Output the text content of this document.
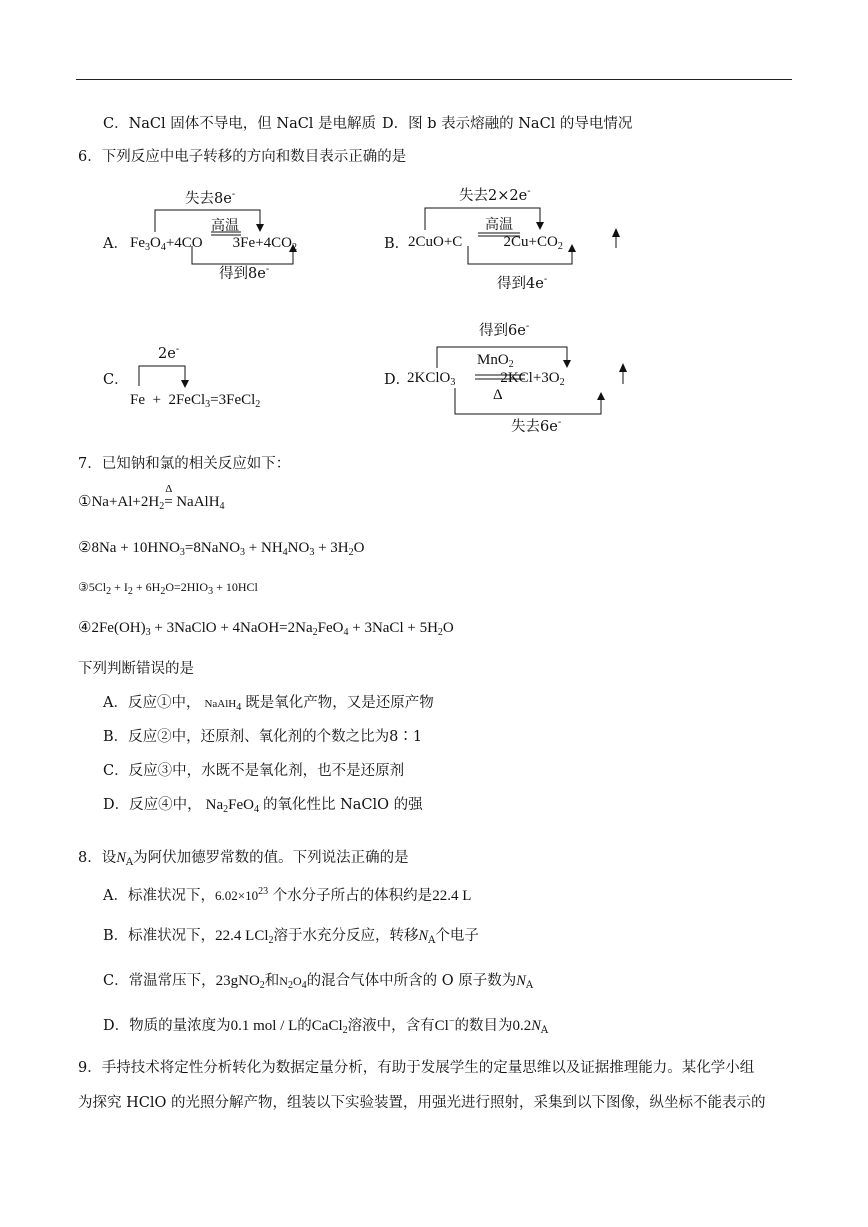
C．NaCl 固体不导电，但 NaCl 是电解质 D．图 b 表示熔融的 NaCl 的导电情况
6．下列反应中电子转移的方向和数目表示正确的是
A．
失去8e-
高温
$Fe_3O_4+4CO$        $3Fe+4CO_2$
得到8e-
B．
失去2×2e-
高温
2CuO+C           $2Cu+CO_2$
得到4e-
C．
2e-
Fe  +  2FeCl$_3$=3FeCl$_2$
D．
得到6e-
MnO$_2$
2KClO$_3$            $2KCl+3O_2$
Δ
失去6e-
7．已知钠和氯的相关反应如下：
$①Na+Al+2H_2$
Δ
= NaAlH$_4$
②8Na + $10HNO_3=8NaNO_3 + NH_4NO_3 + 3H_2O$
$③5Cl_2 + I_2 + 6H_2O=2HIO_3 + 10HCl$
$④2Fe(OH)_3$ + 3NaClO + $4NaOH=2Na_2FeO_4$ + 3NaCl + $5H_2O$
下列判断错误的是
A．反应①中， NaAlH$_4$ 既是氧化产物，又是还原产物
B．反应②中，还原剂、氧化剂的个数之比为8∶1
C．反应③中，水既不是氧化剂，也不是还原剂
D．反应④中， $Na_2FeO_4$ 的氧化性比 NaClO 的强
8．设$N_A$为阿伏加德罗常数的值。下列说法正确的是
A．标准状况下，$6.02\times 10^{23}$ 个水分子所占的体积约是22.4 L
B．标准状况下，22.4 LCl$_2$溶于水充分反应，转移$N_A$个电子
C．常温常压下，23gNO$_2$和$N_2O_4$的混合气体中所含的 O 原子数为$N_A$
D．物质的量浓度为0.1 mol / L的CaCl$_2$溶液中，含有Cl−的数目为$0.2N_A$
9．手持技术将定性分析转化为数据定量分析，有助于发展学生的定量思维以及证据推理能力。某化学小组
为探究 HClO 的光照分解产物，组装以下实验装置，用强光进行照射，采集到以下图像，纵坐标不能表示的
